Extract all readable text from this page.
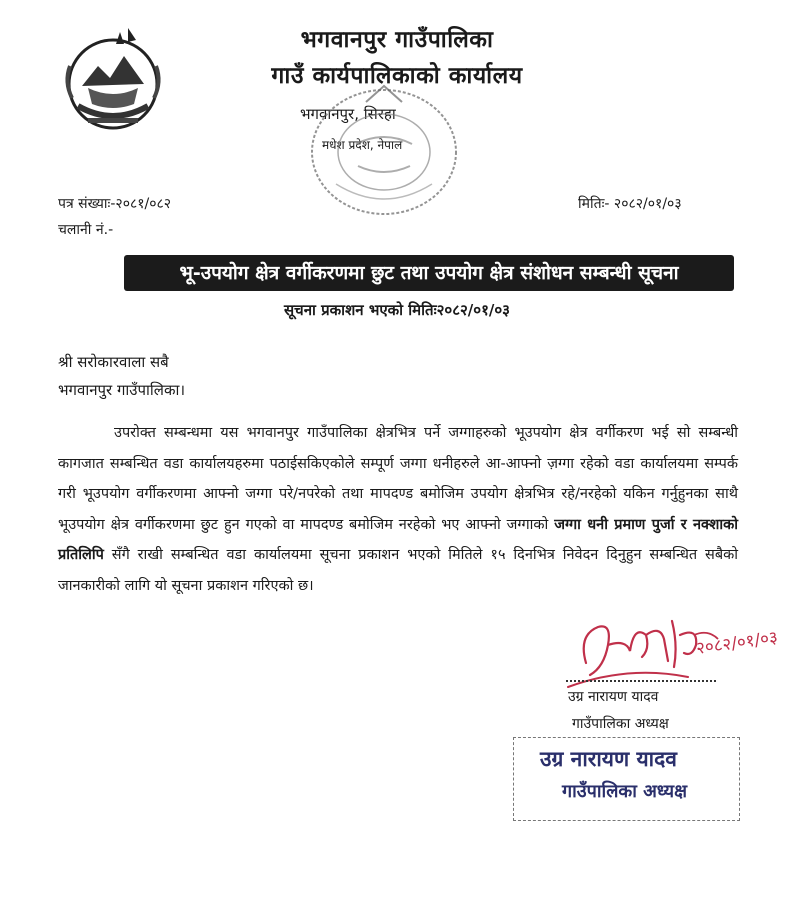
भगवानपुर गाउँपालिका
गाउँ कार्यपालिकाको कार्यालय
भगवानपुर, सिरहा
मधेश प्रदेश, नेपाल
पत्र संख्याः-२०८१/०८२
चलानी नं.-
मितिः- २०८२/०१/०३
भू-उपयोग क्षेत्र वर्गीकरणमा छुट तथा उपयोग क्षेत्र संशोधन सम्बन्धी सूचना
सूचना प्रकाशन भएको मितिः२०८२/०१/०३
श्री सरोकारवाला सबै
भगवानपुर गाउँपालिका।
उपरोक्त सम्बन्धमा यस भगवानपुर गाउँपालिका क्षेत्रभित्र पर्ने जग्गाहरुको भूउपयोग क्षेत्र वर्गीकरण भई सो सम्बन्धी कागजात सम्बन्धित वडा कार्यालयहरुमा पठाईसकिएकोले सम्पूर्ण जग्गा धनीहरुले आ-आफ्नो ज़ग्गा रहेको वडा कार्यालयमा सम्पर्क गरी भूउपयोग वर्गीकरणमा आफ्नो जग्गा परे/नपरेको तथा मापदण्ड बमोजिम उपयोग क्षेत्रभित्र रहे/नरहेको यकिन गर्नुहुनका साथै भूउपयोग क्षेत्र वर्गीकरणमा छुट हुन गएको वा मापदण्ड बमोजिम नरहेको भए आफ्नो जग्गाको जग्गा धनी प्रमाण पुर्जा र नक्शाको प्रतिलिपि सँगै राखी सम्बन्धित वडा कार्यालयमा सूचना प्रकाशन भएको मितिले १५ दिनभित्र निवेदन दिनुहुन सम्बन्धित सबैको जानकारीको लागि यो सूचना प्रकाशन गरिएको छ।
२०८२/०१/०३
उग्र नारायण यादव
गाउँपालिका अध्यक्ष
उग्र नारायण यादव
गाउँपालिका अध्यक्ष
